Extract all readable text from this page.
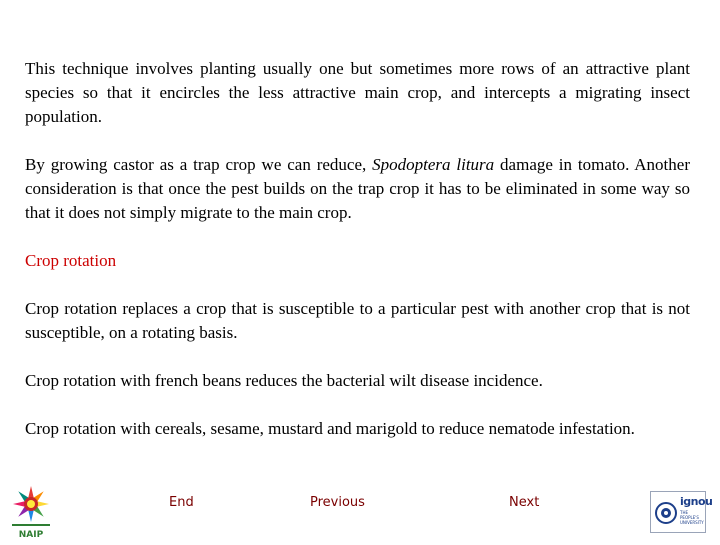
This technique involves planting usually one but sometimes more rows of an attractive plant species so that it encircles the less attractive main crop, and intercepts a migrating insect population.

By growing castor as a trap crop we can reduce, Spodoptera litura damage in tomato. Another consideration is that once the pest builds on the trap crop it has to be eliminated in some way so that it does not simply migrate to the main crop.

Crop rotation

Crop rotation replaces a crop that is susceptible to a particular pest with another crop that is not susceptible, on a rotating basis.

Crop rotation with french beans reduces the bacterial wilt disease incidence.

Crop rotation with cereals, sesame, mustard and marigold to reduce nematode infestation.

NAIP
End	Previous	Next	ignou
THE PEOPLE'S UNIVERSITY
